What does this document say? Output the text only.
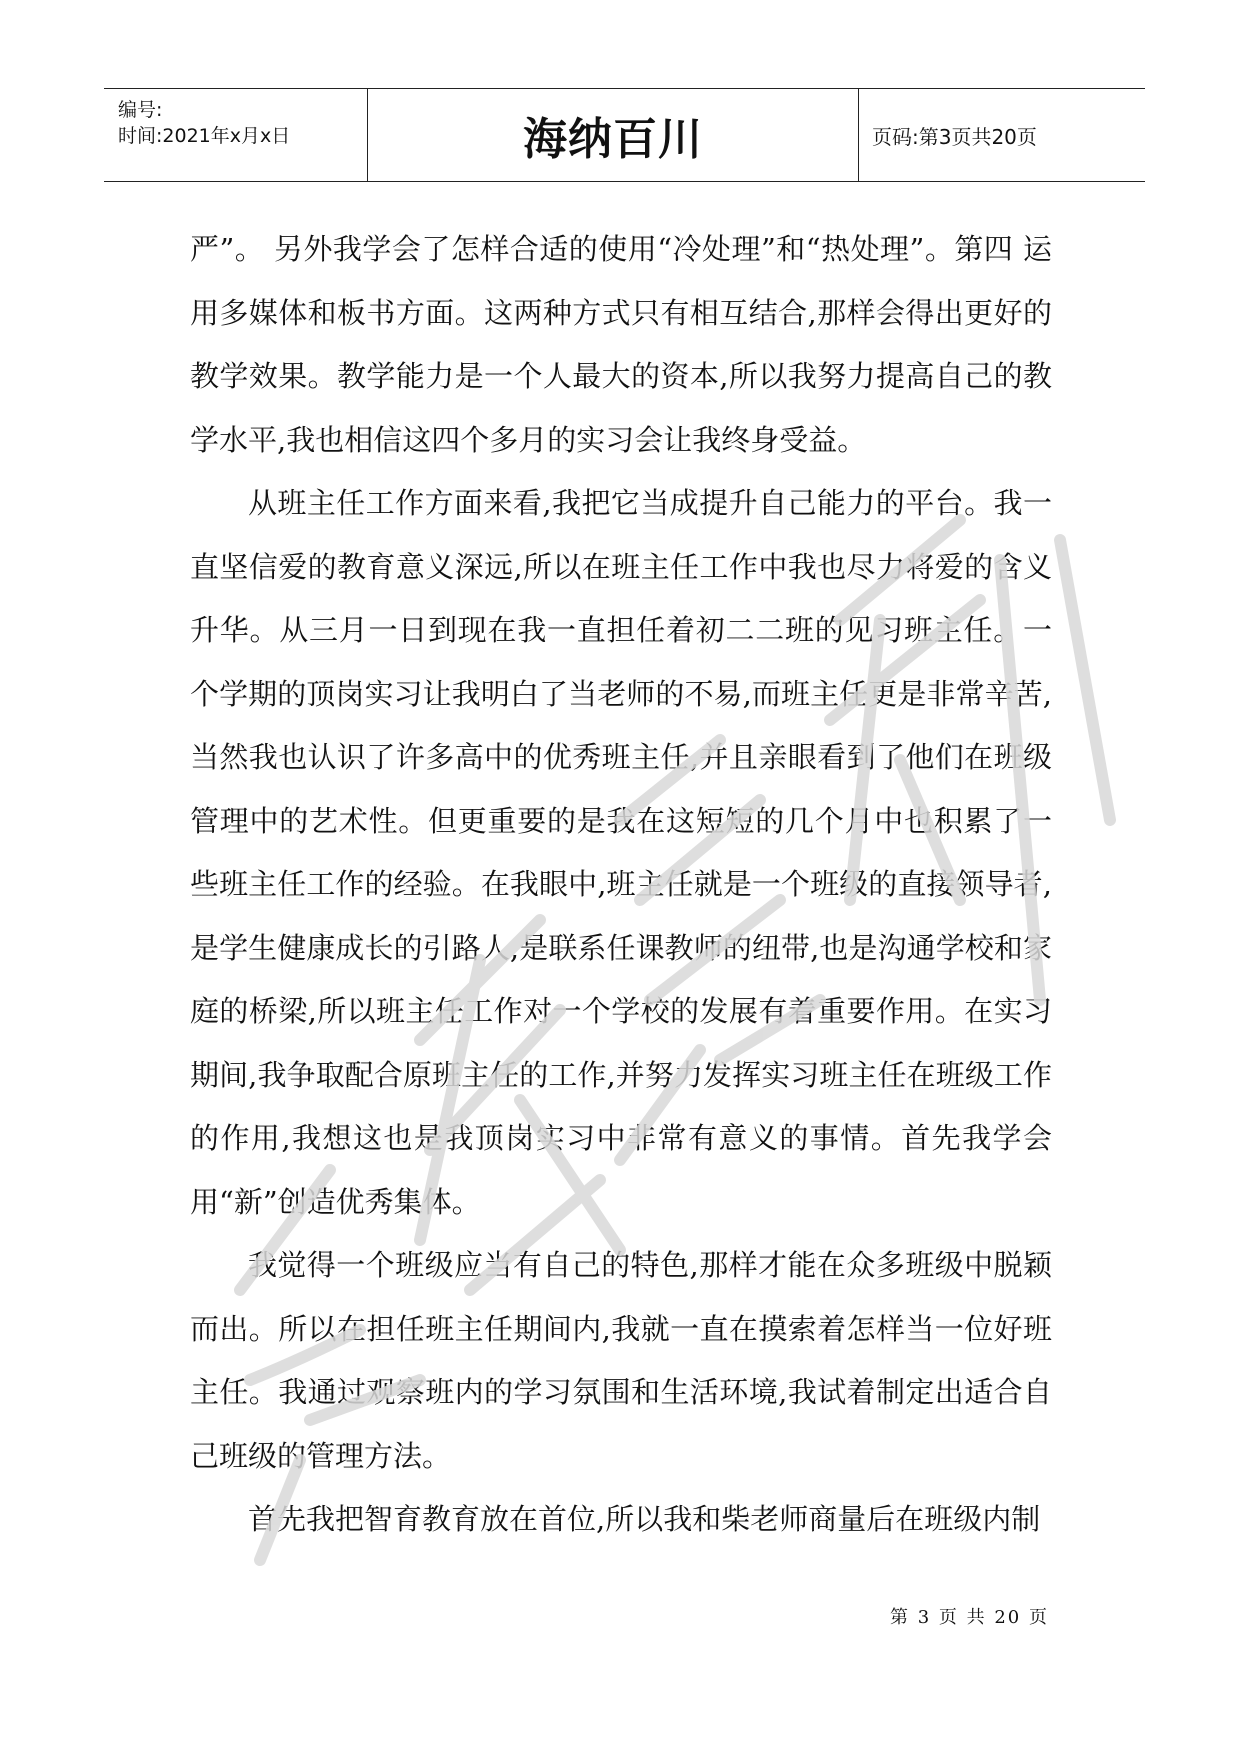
编号:
时间:2021年x月x日	海纳百川	页码:第3页共20页

严”。 另外我学会了怎样合适的使用“冷处理”和“热处理”。第四 运用多媒体和板书方面。这两种方式只有相互结合,那样会得出更好的教学效果。教学能力是一个人最大的资本,所以我努力提高自己的教学水平,我也相信这四个多月的实习会让我终身受益。

从班主任工作方面来看,我把它当成提升自己能力的平台。我一直坚信爱的教育意义深远,所以在班主任工作中我也尽力将爱的含义升华。从三月一日到现在我一直担任着初二二班的见习班主任。一个学期的顶岗实习让我明白了当老师的不易,而班主任更是非常辛苦,当然我也认识了许多高中的优秀班主任,并且亲眼看到了他们在班级管理中的艺术性。但更重要的是我在这短短的几个月中也积累了一些班主任工作的经验。在我眼中,班主任就是一个班级的直接领导者,是学生健康成长的引路人,是联系任课教师的纽带,也是沟通学校和家庭的桥梁,所以班主任工作对一个学校的发展有着重要作用。在实习期间,我争取配合原班主任的工作,并努力发挥实习班主任在班级工作的作用,我想这也是我顶岗实习中非常有意义的事情。首先我学会用“新”创造优秀集体。

我觉得一个班级应当有自己的特色,那样才能在众多班级中脱颖而出。所以在担任班主任期间内,我就一直在摸索着怎样当一位好班主任。我通过观察班内的学习氛围和生活环境,我试着制定出适合自己班级的管理方法。

首先我把智育教育放在首位,所以我和柴老师商量后在班级内制

第 3 页 共 20 页
